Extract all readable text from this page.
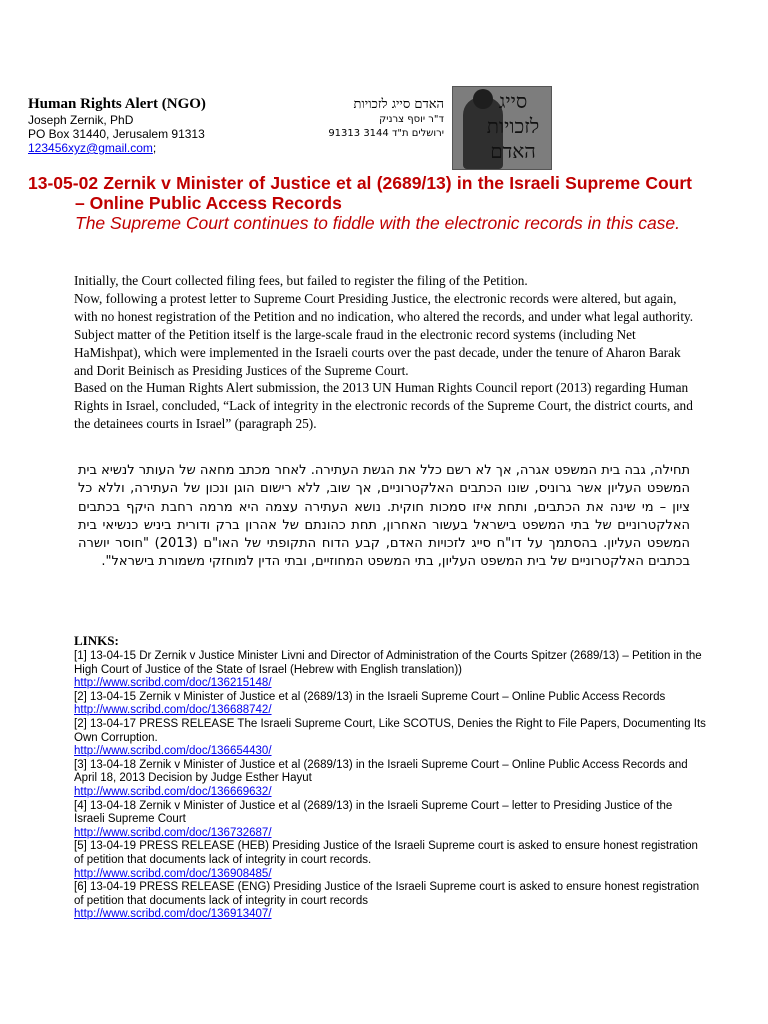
Human Rights Alert (NGO)
Joseph Zernik, PhD
PO Box 31440, Jerusalem 91313
123456xyz@gmail.com;
האדם סייג לזכויות
ד"ר יוסף צרניק
ירושלים ת"ד 3144 91313
סייג לזכויות האדם
13-05-02 Zernik v Minister of Justice et al (2689/13) in the Israeli Supreme Court – Online Public Access Records
The Supreme Court continues to fiddle with the electronic records in this case.

Initially, the Court collected filing fees, but failed to register the filing of the Petition.

Now, following a protest letter to Supreme Court Presiding Justice, the electronic records were altered, but again, with no honest registration of the Petition and no indication, who altered the records, and under what legal authority.

Subject matter of the Petition itself is the large-scale fraud in the electronic record systems (including Net HaMishpat), which were implemented in the Israeli courts over the past decade, under the tenure of Aharon Barak and Dorit Beinisch as Presiding Justices of the Supreme Court.

Based on the Human Rights Alert submission, the 2013 UN Human Rights Council report (2013) regarding Human Rights in Israel, concluded, “Lack of integrity in the electronic records of the Supreme Court, the district courts, and the detainees courts in Israel” (paragraph 25).

תחילה, גבה בית המשפט אגרה, אך לא רשם כלל את הגשת העתירה. לאחר מכתב מחאה של העותר לנשיא בית המשפט העליון אשר גרוניס, שונו הכתבים האלקטרוניים, אך שוב, ללא רישום הוגן ונכון של העתירה, וללא כל ציון – מי שינה את הכתבים, ותחת איזו סמכות חוקית. נושא העתירה עצמה היא מרמה רחבת היקף בכתבים האלקטרוניים של בתי המשפט בישראל בעשור האחרון, תחת כהונתם של אהרון ברק ודורית ביניש כנשיאי בית המשפט העליון. בהסתמך על דו"ח סייג לזכויות האדם, קבע הדוח התקופתי של האו"ם (2013) "חוסר יושרה בכתבים האלקטרוניים של בית המשפט העליון, בתי המשפט המחוזיים, ובתי הדין למוחזקי משמורת בישראל".
LINKS:
[1] 13-04-15 Dr Zernik v Justice Minister Livni and Director of Administration of the Courts Spitzer (2689/13) – Petition in the High Court of Justice of the State of Israel (Hebrew with English translation))
http://www.scribd.com/doc/136215148/
[2] 13-04-15 Zernik v Minister of Justice et al (2689/13) in the Israeli Supreme Court – Online Public Access Records
http://www.scribd.com/doc/136688742/
[2] 13-04-17 PRESS RELEASE The Israeli Supreme Court, Like SCOTUS, Denies the Right to File Papers, Documenting Its Own Corruption.
http://www.scribd.com/doc/136654430/
[3] 13-04-18 Zernik v Minister of Justice et al (2689/13) in the Israeli Supreme Court – Online Public Access Records and April 18, 2013 Decision by Judge Esther Hayut
http://www.scribd.com/doc/136669632/
[4] 13-04-18 Zernik v Minister of Justice et al (2689/13) in the Israeli Supreme Court – letter to Presiding Justice of the Israeli Supreme Court
http://www.scribd.com/doc/136732687/
[5] 13-04-19 PRESS RELEASE (HEB) Presiding Justice of the Israeli Supreme court is asked to ensure honest registration of petition that documents lack of integrity in court records.
http://www.scribd.com/doc/136908485/
[6] 13-04-19 PRESS RELEASE (ENG) Presiding Justice of the Israeli Supreme court is asked to ensure honest registration of petition that documents lack of integrity in court records
http://www.scribd.com/doc/136913407/
